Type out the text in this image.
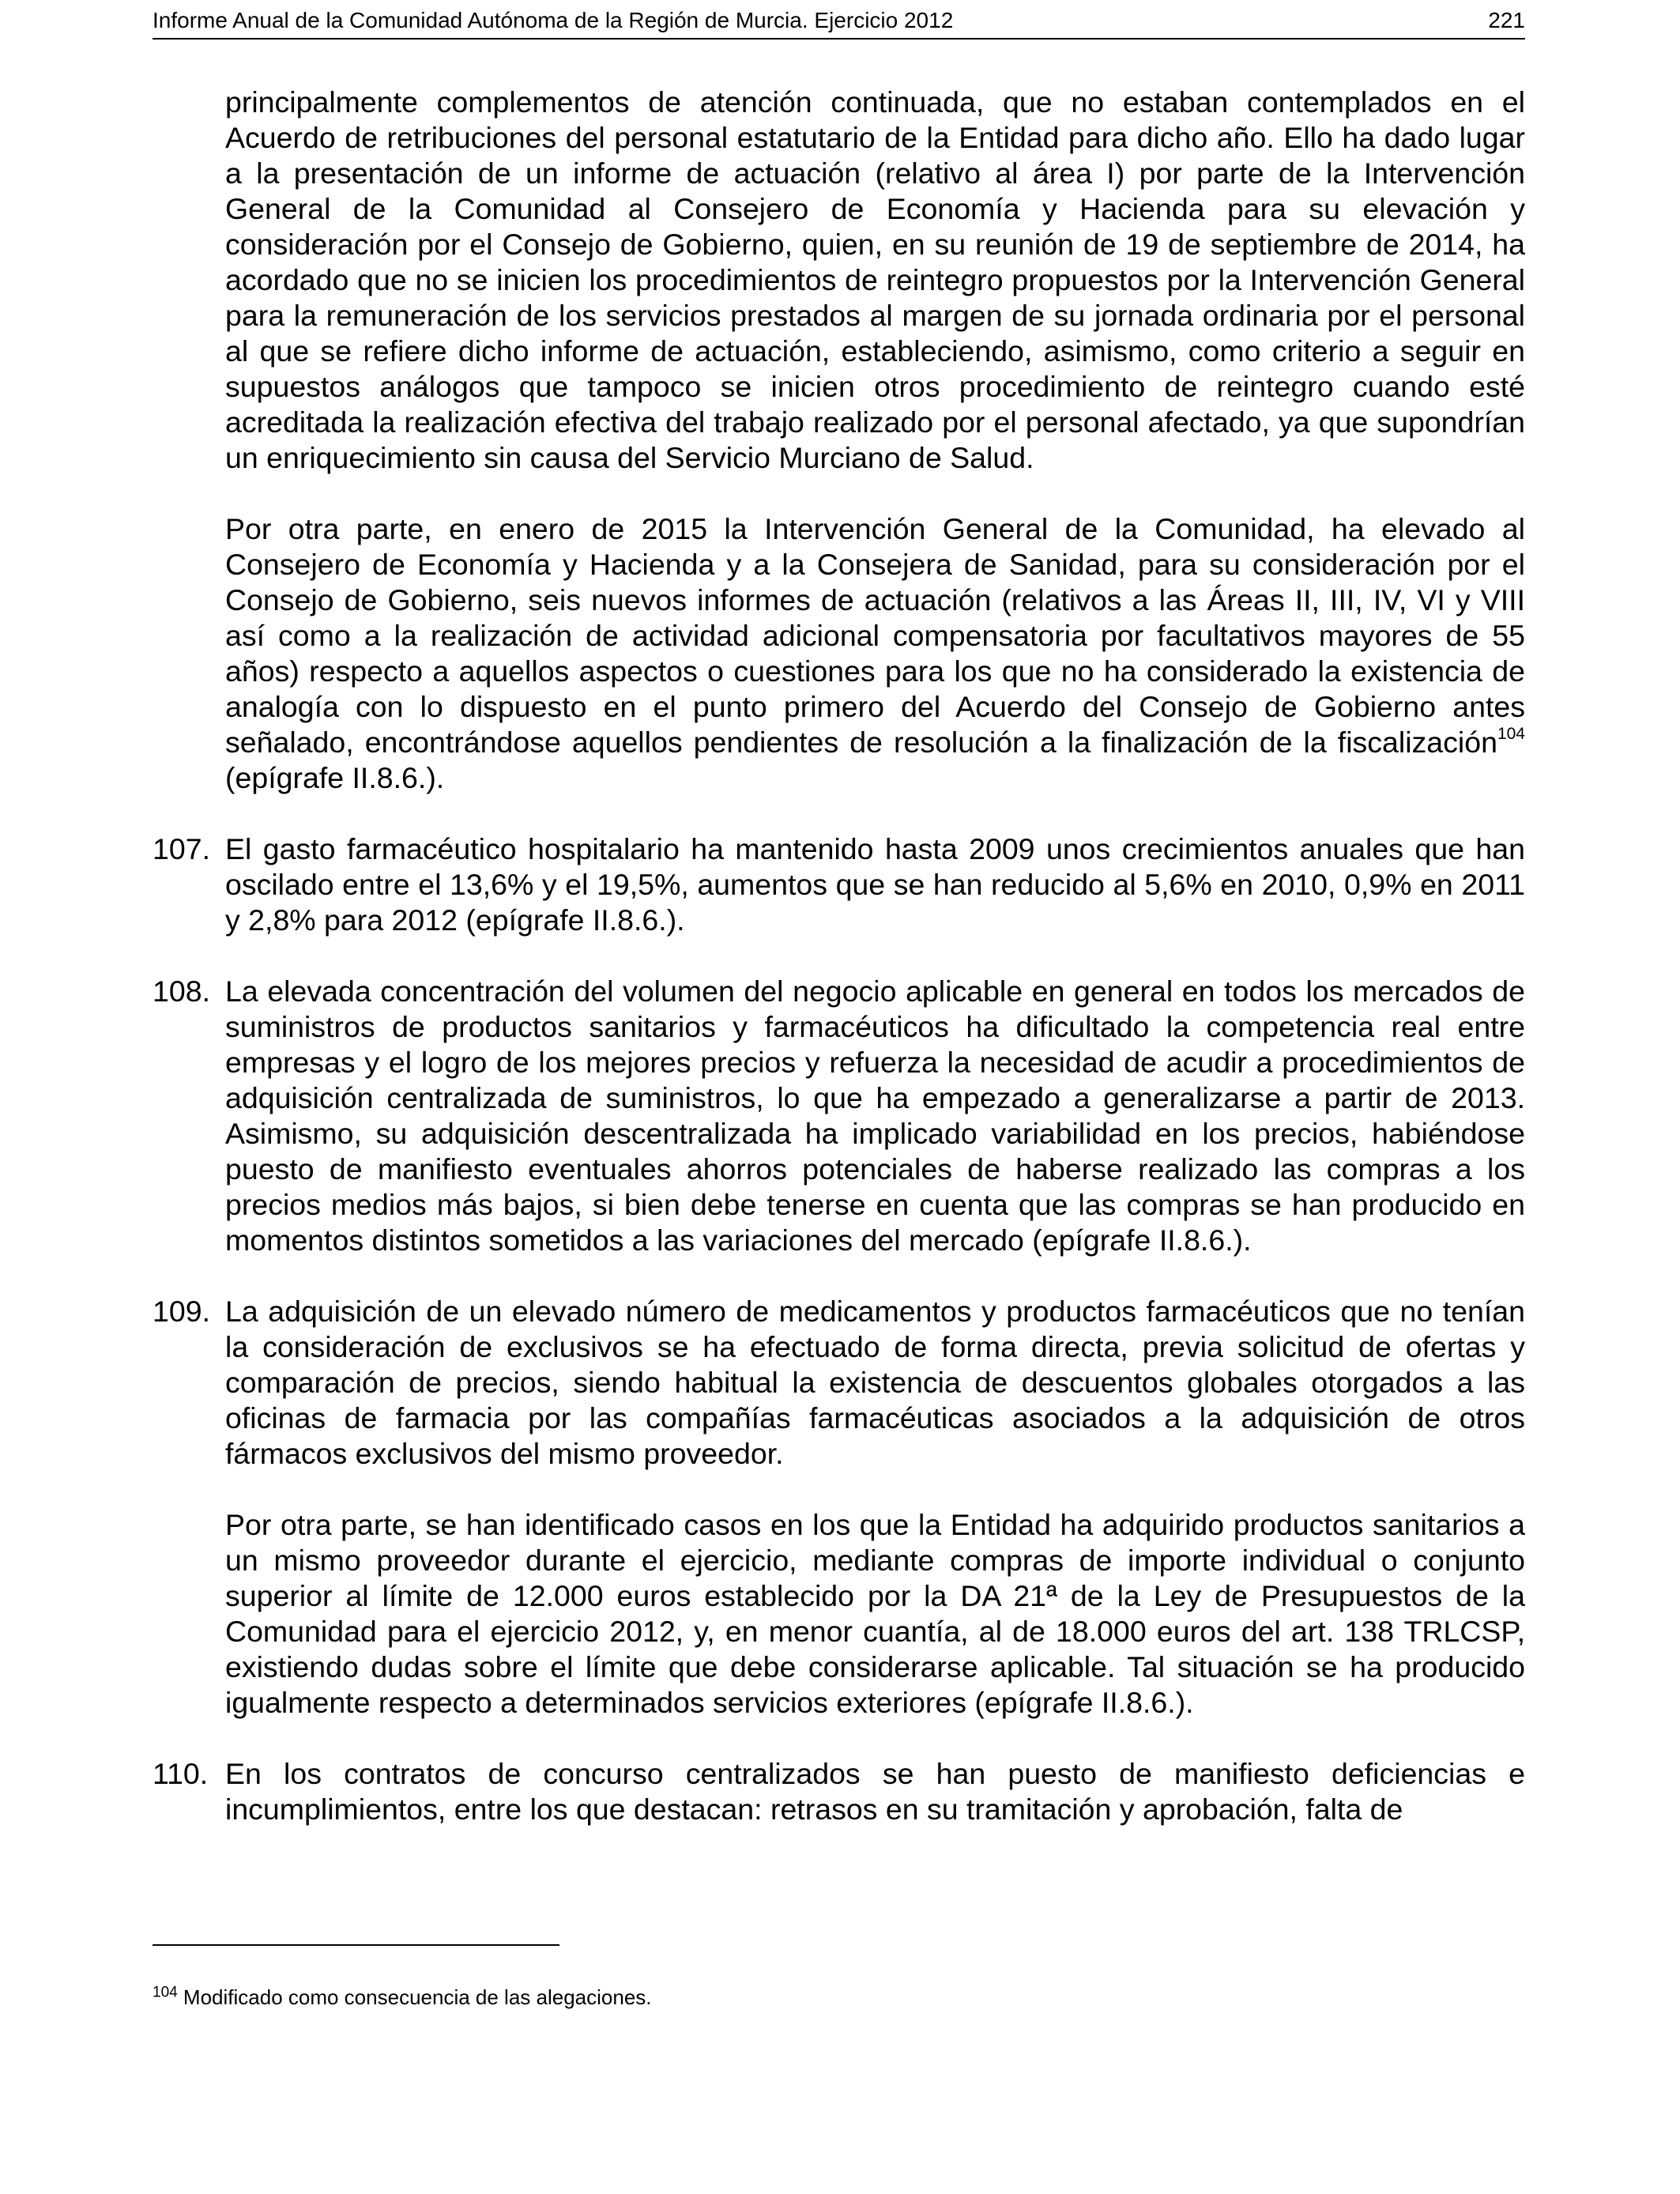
Informe Anual de la Comunidad Autónoma de la Región de Murcia. Ejercicio 2012	221

principalmente complementos de atención continuada, que no estaban contemplados en el Acuerdo de retribuciones del personal estatutario de la Entidad para dicho año. Ello ha dado lugar a la presentación de un informe de actuación (relativo al área I) por parte de la Intervención General de la Comunidad al Consejero de Economía y Hacienda para su elevación y consideración por el Consejo de Gobierno, quien, en su reunión de 19 de septiembre de 2014, ha acordado que no se inicien los procedimientos de reintegro propuestos por la Intervención General para la remuneración de los servicios prestados al margen de su jornada ordinaria por el personal al que se refiere dicho informe de actuación, estableciendo, asimismo, como criterio a seguir en supuestos análogos que tampoco se inicien otros procedimiento de reintegro cuando esté acreditada la realización efectiva del trabajo realizado por el personal afectado, ya que supondrían un enriquecimiento sin causa del Servicio Murciano de Salud.

Por otra parte, en enero de 2015 la Intervención General de la Comunidad, ha elevado al Consejero de Economía y Hacienda y a la Consejera de Sanidad, para su consideración por el Consejo de Gobierno, seis nuevos informes de actuación (relativos a las Áreas II, III, IV, VI y VIII así como a la realización de actividad adicional compensatoria por facultativos mayores de 55 años) respecto a aquellos aspectos o cuestiones para los que no ha considerado la existencia de analogía con lo dispuesto en el punto primero del Acuerdo del Consejo de Gobierno antes señalado, encontrándose aquellos pendientes de resolución a la finalización de la fiscalización$^{104}$ (epígrafe II.8.6.).

107. El gasto farmacéutico hospitalario ha mantenido hasta 2009 unos crecimientos anuales que han oscilado entre el 13,6% y el 19,5%, aumentos que se han reducido al 5,6% en 2010, 0,9% en 2011 y 2,8% para 2012 (epígrafe II.8.6.).
108. La elevada concentración del volumen del negocio aplicable en general en todos los mercados de suministros de productos sanitarios y farmacéuticos ha dificultado la competencia real entre empresas y el logro de los mejores precios y refuerza la necesidad de acudir a procedimientos de adquisición centralizada de suministros, lo que ha empezado a generalizarse a partir de 2013. Asimismo, su adquisición descentralizada ha implicado variabilidad en los precios, habiéndose puesto de manifiesto eventuales ahorros potenciales de haberse realizado las compras a los precios medios más bajos, si bien debe tenerse en cuenta que las compras se han producido en momentos distintos sometidos a las variaciones del mercado (epígrafe II.8.6.).
109. La adquisición de un elevado número de medicamentos y productos farmacéuticos que no tenían la consideración de exclusivos se ha efectuado de forma directa, previa solicitud de ofertas y comparación de precios, siendo habitual la existencia de descuentos globales otorgados a las oficinas de farmacia por las compañías farmacéuticas asociados a la adquisición de otros fármacos exclusivos del mismo proveedor.

Por otra parte, se han identificado casos en los que la Entidad ha adquirido productos sanitarios a un mismo proveedor durante el ejercicio, mediante compras de importe individual o conjunto superior al límite de 12.000 euros establecido por la DA 21ª de la Ley de Presupuestos de la Comunidad para el ejercicio 2012, y, en menor cuantía, al de 18.000 euros del art. 138 TRLCSP, existiendo dudas sobre el límite que debe considerarse aplicable. Tal situación se ha producido igualmente respecto a determinados servicios exteriores (epígrafe II.8.6.).

110. En los contratos de concurso centralizados se han puesto de manifiesto deficiencias e incumplimientos, entre los que destacan: retrasos en su tramitación y aprobación, falta de
$^{104}$ Modificado como consecuencia de las alegaciones.
